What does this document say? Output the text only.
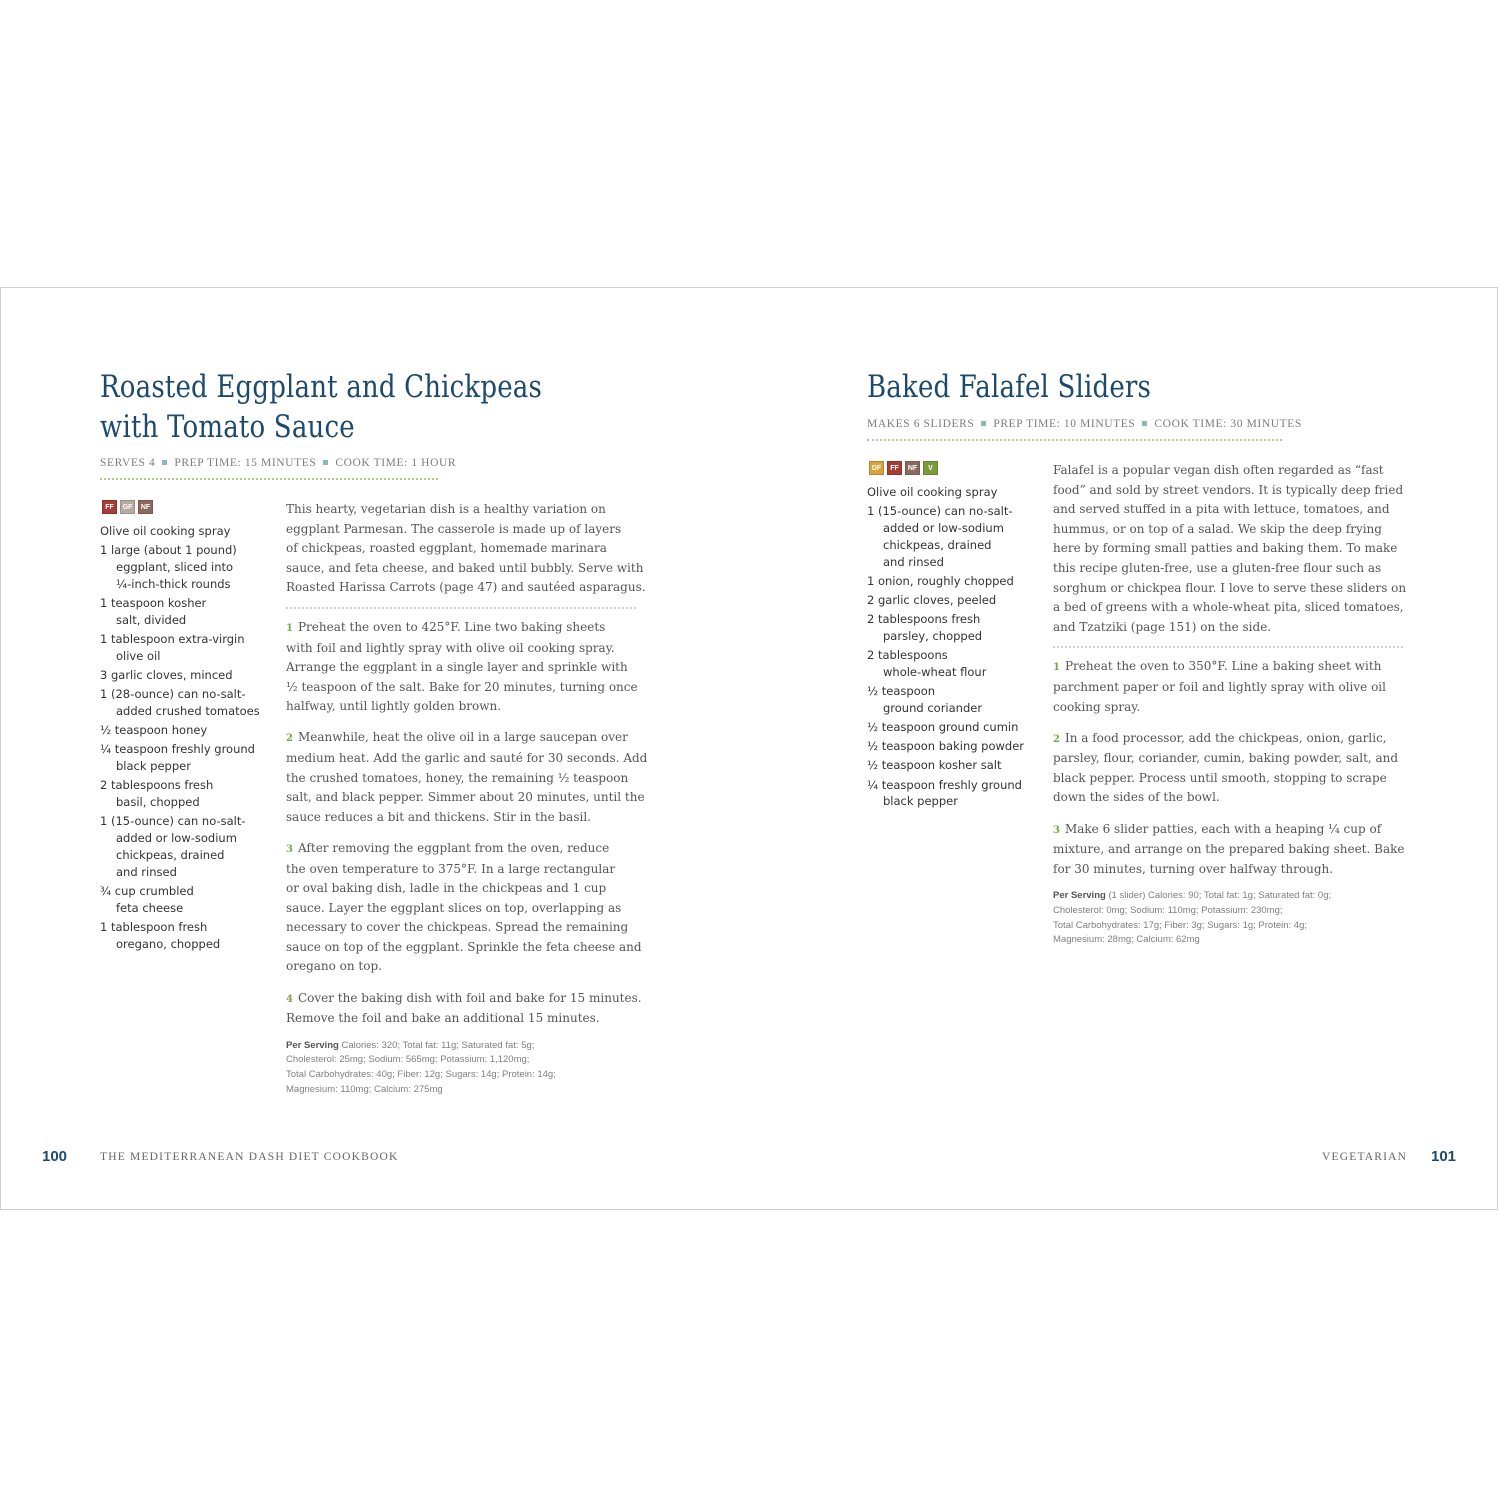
Roasted Eggplant and Chickpeas
with Tomato Sauce
SERVES 4 PREP TIME: 15 MINUTES COOK TIME: 1 HOUR
FF	GF	NF
Olive oil cooking spray
1 large (about 1 pound)
eggplant, sliced into
¼-inch-thick rounds
1 teaspoon kosher
salt, divided
1 tablespoon extra-virgin
olive oil
3 garlic cloves, minced
1 (28-ounce) can no-salt-
added crushed tomatoes
½ teaspoon honey
¼ teaspoon freshly ground
black pepper
2 tablespoons fresh
basil, chopped
1 (15-ounce) can no-salt-
added or low-sodium
chickpeas, drained
and rinsed
¾ cup crumbled
feta cheese
1 tablespoon fresh
oregano, chopped
This hearty, vegetarian dish is a healthy variation on
eggplant Parmesan. The casserole is made up of layers
of chickpeas, roasted eggplant, homemade marinara
sauce, and feta cheese, and baked until bubbly. Serve with
Roasted Harissa Carrots (page 47) and sautéed asparagus.
1 Preheat the oven to 425°F. Line two baking sheets
with foil and lightly spray with olive oil cooking spray.
Arrange the eggplant in a single layer and sprinkle with
½ teaspoon of the salt. Bake for 20 minutes, turning once
halfway, until lightly golden brown.
2 Meanwhile, heat the olive oil in a large saucepan over
medium heat. Add the garlic and sauté for 30 seconds. Add
the crushed tomatoes, honey, the remaining ½ teaspoon
salt, and black pepper. Simmer about 20 minutes, until the
sauce reduces a bit and thickens. Stir in the basil.
3 After removing the eggplant from the oven, reduce
the oven temperature to 375°F. In a large rectangular
or oval baking dish, ladle in the chickpeas and 1 cup
sauce. Layer the eggplant slices on top, overlapping as
necessary to cover the chickpeas. Spread the remaining
sauce on top of the eggplant. Sprinkle the feta cheese and
oregano on top.
4 Cover the baking dish with foil and bake for 15 minutes.
Remove the foil and bake an additional 15 minutes.
Per Serving Calories: 320; Total fat: 11g; Saturated fat: 5g;
Cholesterol: 25mg; Sodium: 565mg; Potassium: 1,120mg;
Total Carbohydrates: 40g; Fiber: 12g; Sugars: 14g; Protein: 14g;
Magnesium: 110mg; Calcium: 275mg
100	THE MEDITERRANEAN DASH DIET COOKBOOK
Baked Falafel Sliders
MAKES 6 SLIDERS PREP TIME: 10 MINUTES COOK TIME: 30 MINUTES
DF	FF	NF	V
Olive oil cooking spray
1 (15-ounce) can no-salt-
added or low-sodium
chickpeas, drained
and rinsed
1 onion, roughly chopped
2 garlic cloves, peeled
2 tablespoons fresh
parsley, chopped
2 tablespoons
whole-wheat flour
½ teaspoon
ground coriander
½ teaspoon ground cumin
½ teaspoon baking powder
½ teaspoon kosher salt
¼ teaspoon freshly ground
black pepper
Falafel is a popular vegan dish often regarded as “fast
food” and sold by street vendors. It is typically deep fried
and served stuffed in a pita with lettuce, tomatoes, and
hummus, or on top of a salad. We skip the deep frying
here by forming small patties and baking them. To make
this recipe gluten-free, use a gluten-free flour such as
sorghum or chickpea flour. I love to serve these sliders on
a bed of greens with a whole-wheat pita, sliced tomatoes,
and Tzatziki (page 151) on the side.
1 Preheat the oven to 350°F. Line a baking sheet with
parchment paper or foil and lightly spray with olive oil
cooking spray.
2 In a food processor, add the chickpeas, onion, garlic,
parsley, flour, coriander, cumin, baking powder, salt, and
black pepper. Process until smooth, stopping to scrape
down the sides of the bowl.
3 Make 6 slider patties, each with a heaping ¼ cup of
mixture, and arrange on the prepared baking sheet. Bake
for 30 minutes, turning over halfway through.
Per Serving (1 slider) Calories: 90; Total fat: 1g; Saturated fat: 0g;
Cholesterol: 0mg; Sodium: 110mg; Potassium: 230mg;
Total Carbohydrates: 17g; Fiber: 3g; Sugars: 1g; Protein: 4g;
Magnesium: 28mg; Calcium: 62mg
VEGETARIAN 101
